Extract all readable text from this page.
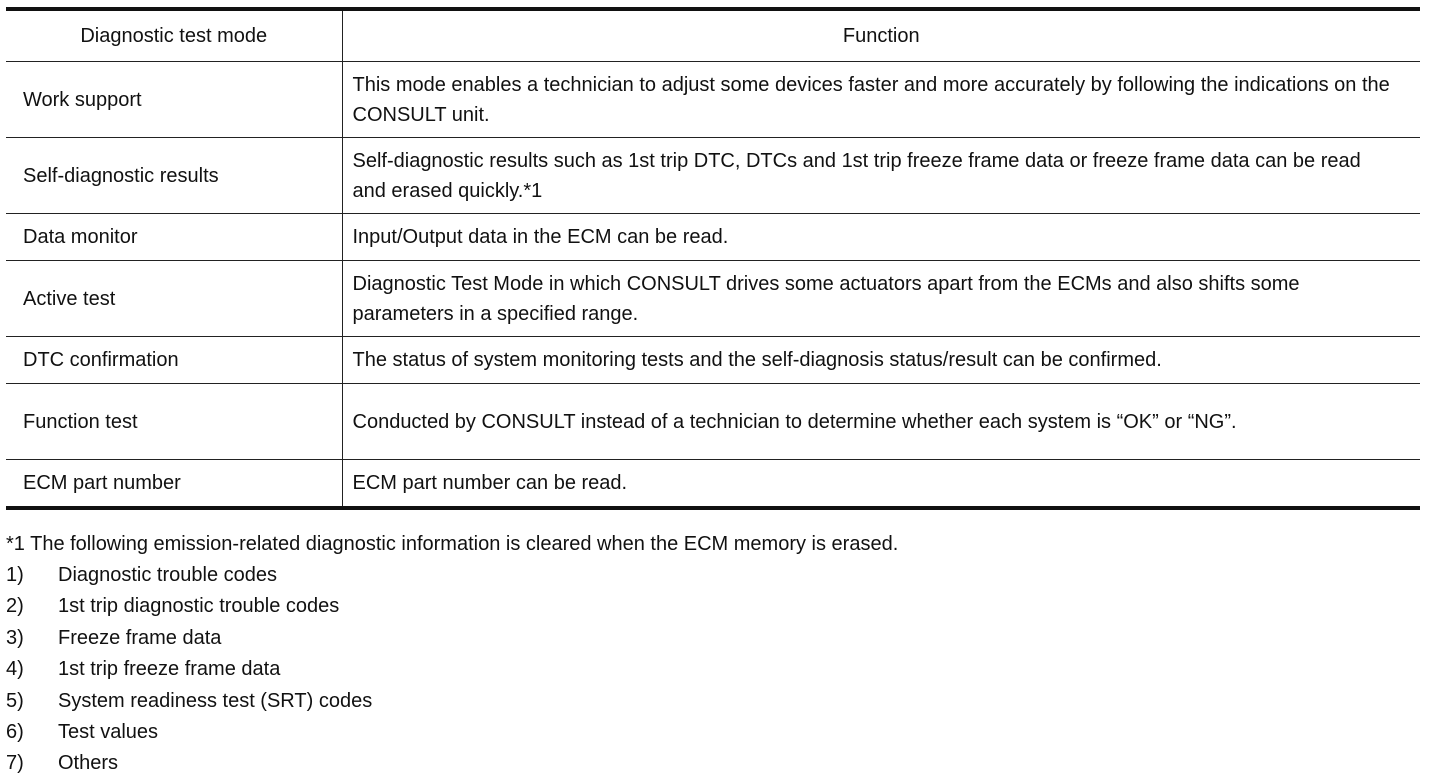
Diagnostic test mode	Function
Work support	This mode enables a technician to adjust some devices faster and more accurately by following the indications on the CONSULT unit.
Self-diagnostic results	Self-diagnostic results such as 1st trip DTC, DTCs and 1st trip freeze frame data or freeze frame data can be read and erased quickly.*1
Data monitor	Input/Output data in the ECM can be read.
Active test	Diagnostic Test Mode in which CONSULT drives some actuators apart from the ECMs and also shifts some parameters in a specified range.
DTC confirmation	The status of system monitoring tests and the self-diagnosis status/result can be confirmed.
Function test	Conducted by CONSULT instead of a technician to determine whether each system is “OK” or “NG”.
ECM part number	ECM part number can be read.
*1 The following emission-related diagnostic information is cleared when the ECM memory is erased.
1) Diagnostic trouble codes
2) 1st trip diagnostic trouble codes
3) Freeze frame data
4) 1st trip freeze frame data
5) System readiness test (SRT) codes
6) Test values
7) Others
